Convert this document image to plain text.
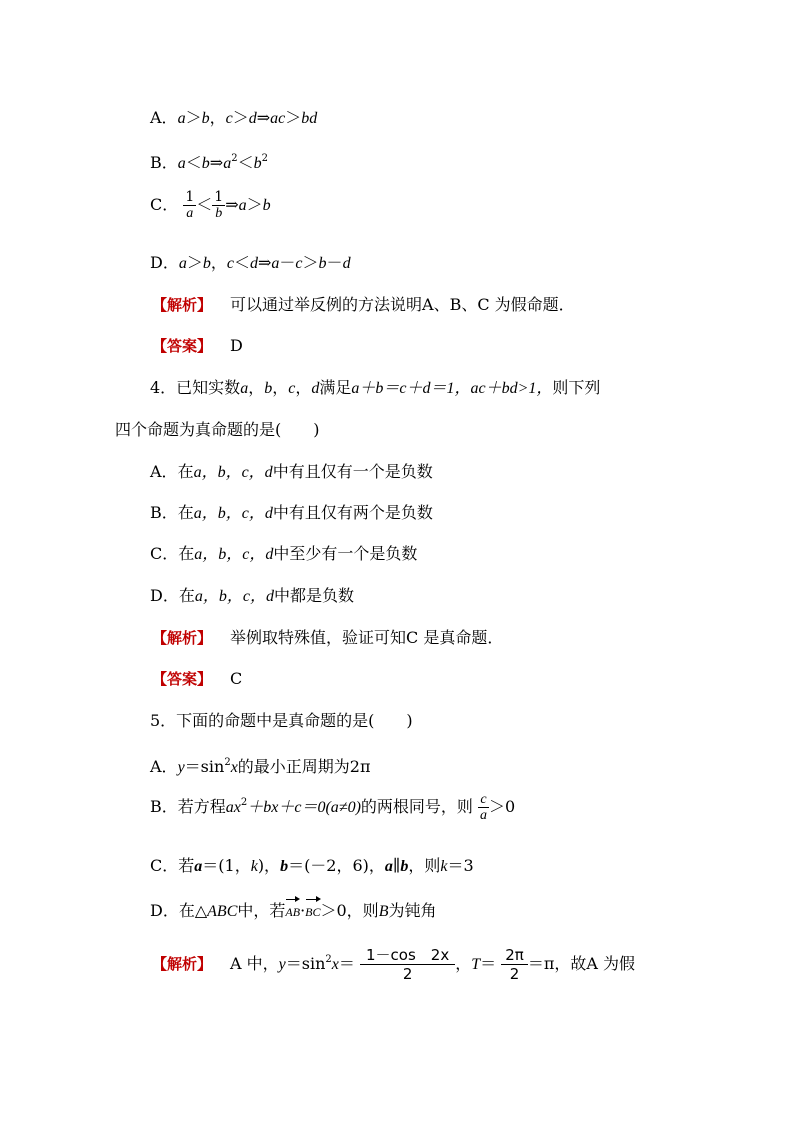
A．a＞b，c＞d⇒ac＞bd
B．$a<b\Rightarrow a^2<b^2$
C． $\frac{1}{a} < \frac{1}{b}$ ⇒a＞b
D．a＞b，c＜d⇒a－c＞b－d
【解析】 可以通过举反例的方法说明A、B、C 为假命题．
【答案】 D
4．已知实数a，b，c，d满足a＋b＝c＋d＝1，ac＋bd>1，则下列
四个命题为真命题的是(　　)
A．在a，b，c，d中有且仅有一个是负数
B．在a，b，c，d中有且仅有两个是负数
C．在a，b，c，d中至少有一个是负数
D．在a，b，c，d中都是负数
【解析】 举例取特殊值，验证可知C 是真命题．
【答案】 C
5．下面的命题中是真命题的是(　　)
A．$y=\sin^2x$的最小正周期为2π
B．若方程$ax^2+bx+c=0(a\ne 0)$的两根同号，则 $\frac{c}{a} >0$
C．若a＝(1，k)，b＝(－2，6)，a∥b，则k＝3
D．在△ABC中，若AB·BC＞0，则B为钝角
【解析】 A 中，$y=\sin^2x= \frac{1-\cos 2x}{2}$ ，$T= \frac{2\pi}{2} =\pi$，故A 为假
